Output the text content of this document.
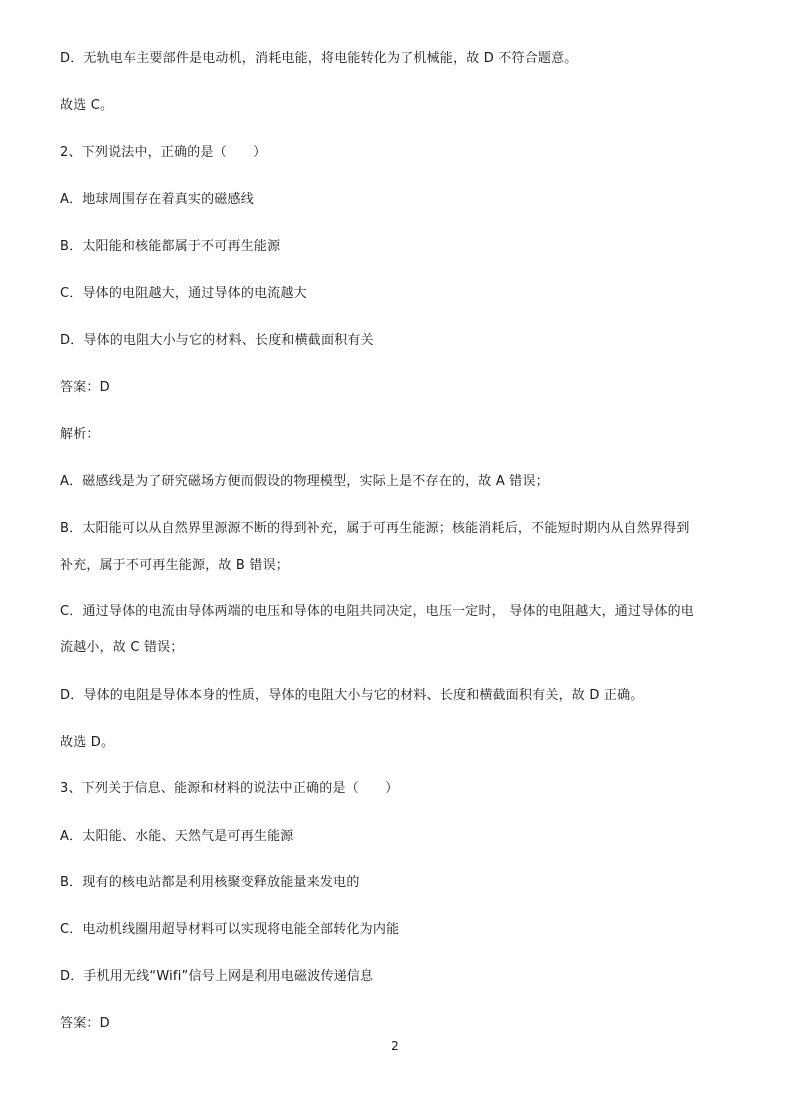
D．无轨电车主要部件是电动机，消耗电能，将电能转化为了机械能，故 D 不符合题意。
故选 C。
2、下列说法中，正确的是（　　）
A．地球周围存在着真实的磁感线
B．太阳能和核能都属于不可再生能源
C．导体的电阻越大，通过导体的电流越大
D．导体的电阻大小与它的材料、长度和横截面积有关
答案：D
解析：
A．磁感线是为了研究磁场方便而假设的物理模型，实际上是不存在的，故 A 错误；
B．太阳能可以从自然界里源源不断的得到补充，属于可再生能源；核能消耗后，不能短时期内从自然界得到
补充，属于不可再生能源，故 B 错误；
C．通过导体的电流由导体两端的电压和导体的电阻共同决定，电压一定时， 导体的电阻越大，通过导体的电
流越小，故 C 错误；
D．导体的电阻是导体本身的性质，导体的电阻大小与它的材料、长度和横截面积有关，故 D 正确。
故选 D。
3、下列关于信息、能源和材料的说法中正确的是（　　）
A．太阳能、水能、天然气是可再生能源
B．现有的核电站都是利用核聚变释放能量来发电的
C．电动机线圈用超导材料可以实现将电能全部转化为内能
D．手机用无线“Wifi”信号上网是利用电磁波传递信息
答案：D
2
